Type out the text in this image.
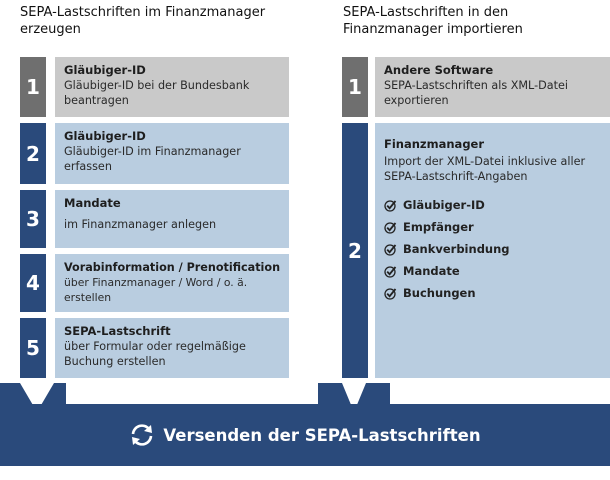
SEPA-Lastschriften im Finanzmanager erzeugen
SEPA-Lastschriften in den Finanzmanager importieren
1
Gläubiger-ID
Gläubiger-ID bei der Bundesbank beantragen
2
Gläubiger-ID
Gläubiger-ID im Finanzmanager erfassen
3
Mandate
im Finanzmanager anlegen
4
Vorabinformation / Prenotification
über Finanzmanager / Word / o. ä. erstellen
5
SEPA-Lastschrift
über Formular oder regelmäßige Buchung erstellen
1
Andere Software
SEPA-Lastschriften als XML-Datei exportieren
2
Finanzmanager
Import der XML-Datei inklusive aller SEPA-Lastschrift-Angaben
Gläubiger-ID
Empfänger
Bankverbindung
Mandate
Buchungen
Versenden der SEPA-Lastschriften
